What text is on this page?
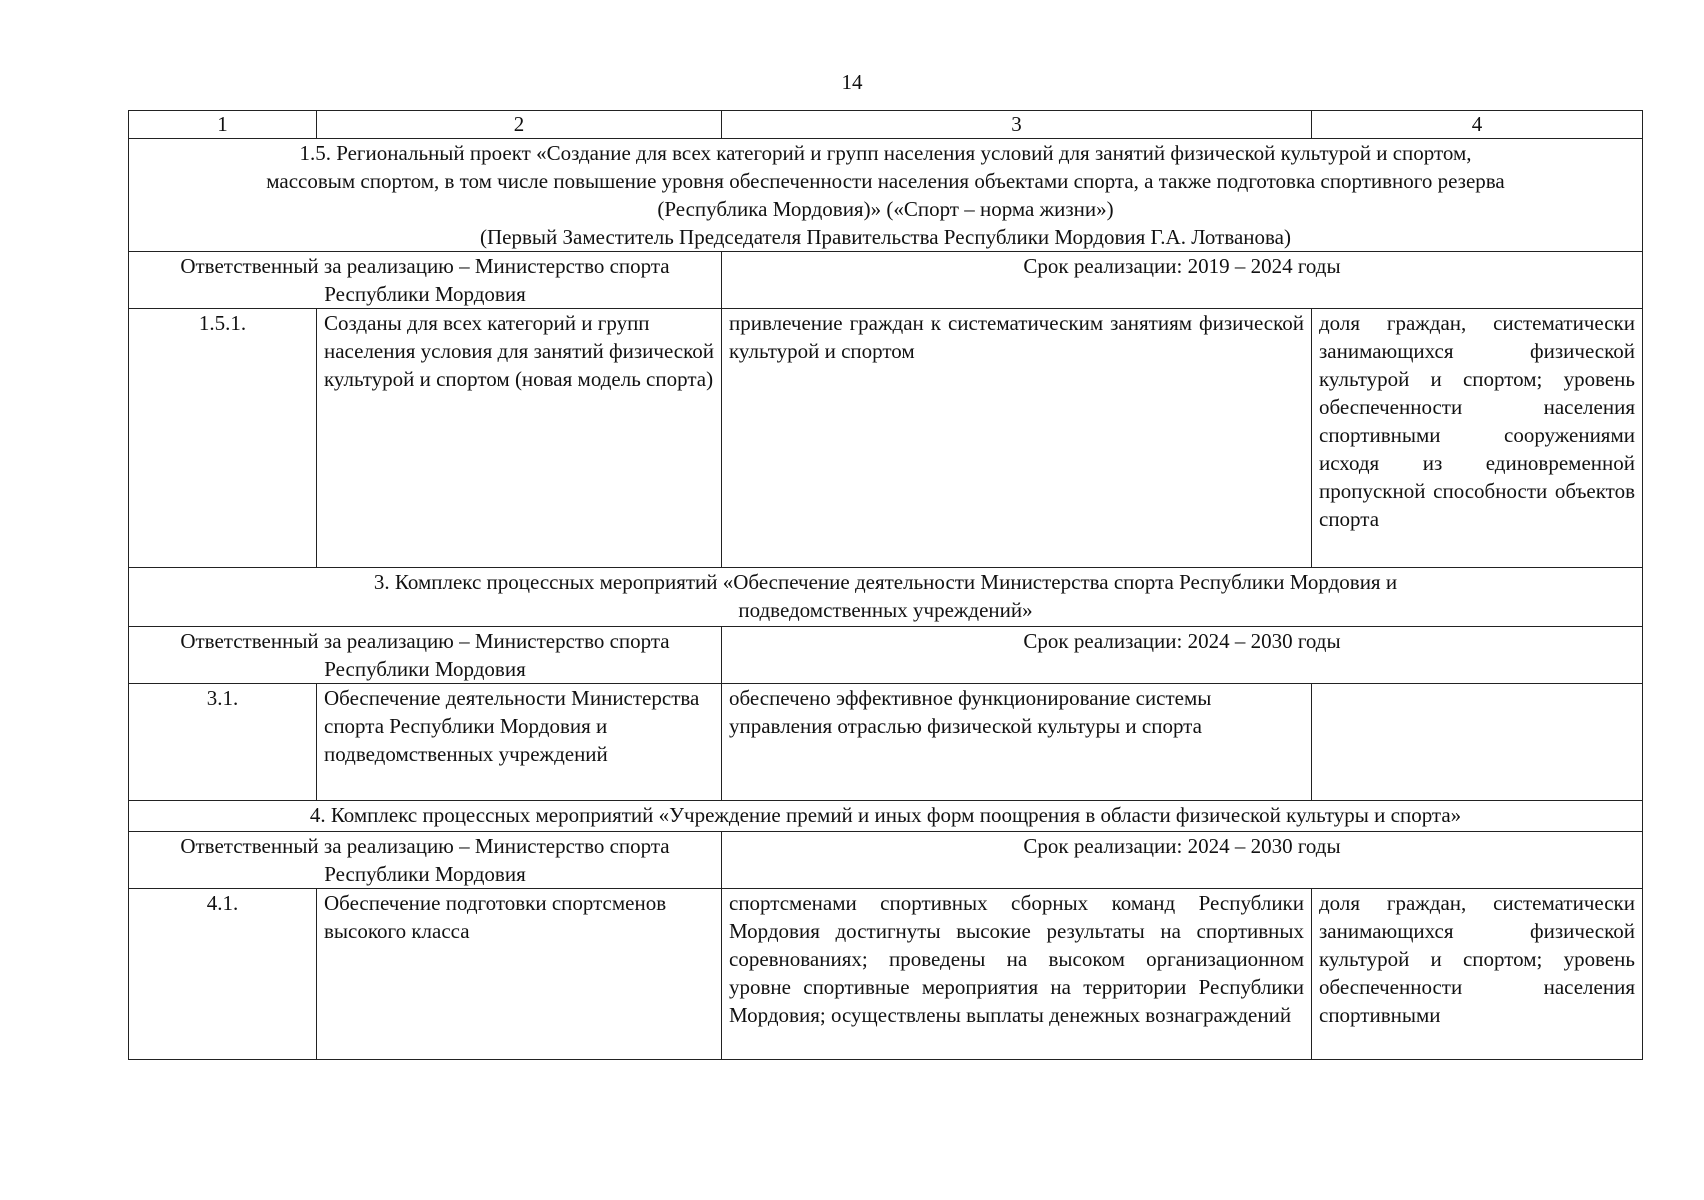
14
1	2	3	4

1.5. Региональный проект «Создание для всех категорий и групп населения условий для занятий физической культурой и спортом,
массовым спортом, в том числе повышение уровня обеспеченности населения объектами спорта, а также подготовка спортивного резерва
(Республика Мордовия)» («Спорт – норма жизни»)
(Первый Заместитель Председателя Правительства Республики Мордовия Г.А. Лотванова)			

Ответственный за реализацию – Министерство спорта Республики Мордовия		Срок реализации: 2019 – 2024 годы	
1.5.1.	Созданы для всех категорий и групп населения условия для занятий физической культурой и спортом (новая модель спорта)	привлечение граждан к систематическим занятиям физической культурой и спортом	доля граждан, систематически занимающихся физической культурой и спортом; уровень обеспеченности населения спортивными сооружениями исходя из единовременной пропускной способности объектов спорта

3. Комплекс процессных мероприятий «Обеспечение деятельности Министерства спорта Республики Мордовия и
подведомственных учреждений»			

Ответственный за реализацию – Министерство спорта Республики Мордовия		Срок реализации: 2024 – 2030 годы	
3.1.	Обеспечение деятельности Министерства спорта Республики Мордовия и подведомственных учреждений	обеспечено эффективное функционирование системы управления отраслью физической культуры и спорта	

4. Комплекс процессных мероприятий «Учреждение премий и иных форм поощрения в области физической культуры и спорта»			

Ответственный за реализацию – Министерство спорта Республики Мордовия		Срок реализации: 2024 – 2030 годы	
4.1.	Обеспечение подготовки спортсменов высокого класса	спортсменами спортивных сборных команд Республики Мордовия достигнуты высокие результаты на спортивных соревнованиях; проведены на высоком организационном уровне спортивные мероприятия на территории Республики Мордовия; осуществлены выплаты денежных вознаграждений	доля граждан, систематически занимающихся физической культурой и спортом; уровень обеспеченности населения спортивными
